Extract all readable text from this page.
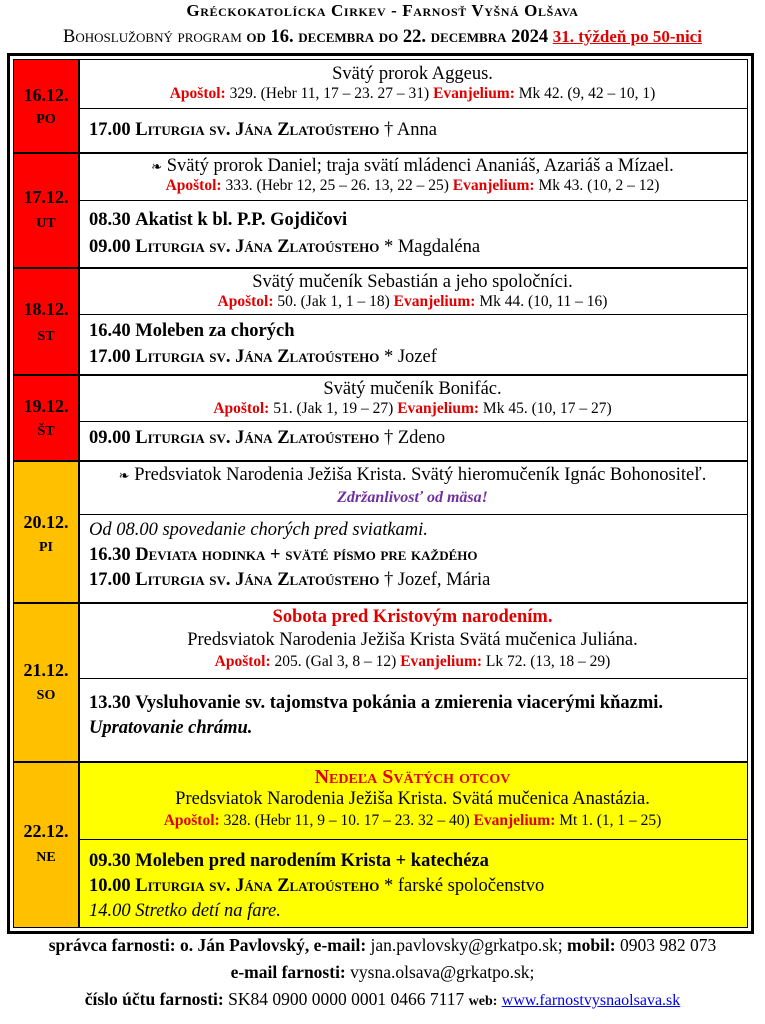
Gréckokatolícka Cirkev - Farnosť Vyšná Olšava
Bohoslužobný program od 16. decembra do 22. decembra 2024 31. týždeň po 50-nici
16.12.
PO
Svätý prorok Aggeus.
Apoštol: 329. (Hebr 11, 17 – 23. 27 – 31) Evanjelium: Mk 42. (9, 42 – 10, 1)
17.00 Liturgia sv. Jána Zlatoústeho † Anna
17.12.
UT
❧ Svätý prorok Daniel; traja svätí mládenci Ananiáš, Azariáš a Mízael.
Apoštol: 333. (Hebr 12, 25 – 26. 13, 22 – 25) Evanjelium: Mk 43. (10, 2 – 12)
08.30 Akatist k bl. P.P. Gojdičovi
09.00 Liturgia sv. Jána Zlatoústeho * Magdaléna
18.12.
ST
Svätý mučeník Sebastián a jeho spoločníci.
Apoštol: 50. (Jak 1, 1 – 18) Evanjelium: Mk 44. (10, 11 – 16)
16.40 Moleben za chorých
17.00 Liturgia sv. Jána Zlatoústeho * Jozef
19.12.
ŠT
Svätý mučeník Bonifác.
Apoštol: 51. (Jak 1, 19 – 27) Evanjelium: Mk 45. (10, 17 – 27)
09.00 Liturgia sv. Jána Zlatoústeho † Zdeno
20.12.
PI
❧ Predsviatok Narodenia Ježiša Krista. Svätý hieromučeník Ignác Bohonositeľ.
Zdržanlivosť od mäsa!
Od 08.00 spovedanie chorých pred sviatkami.
16.30 Deviata hodinka + sväté písmo pre každého
17.00 Liturgia sv. Jána Zlatoústeho † Jozef, Mária
21.12.
SO
Sobota pred Kristovým narodením.
Predsviatok Narodenia Ježiša Krista Svätá mučenica Juliána.
Apoštol: 205. (Gal 3, 8 – 12) Evanjelium: Lk 72. (13, 18 – 29)
13.30 Vysluhovanie sv. tajomstva pokánia a zmierenia viacerými kňazmi.
Upratovanie chrámu.
22.12.
NE
Nedeľa Svätých otcov
Predsviatok Narodenia Ježiša Krista. Svätá mučenica Anastázia.
Apoštol: 328. (Hebr 11, 9 – 10. 17 – 23. 32 – 40) Evanjelium: Mt 1. (1, 1 – 25)
09.30 Moleben pred narodením Krista + katechéza
10.00 Liturgia sv. Jána Zlatoústeho * farské spoločenstvo
14.00 Stretko detí na fare.
správca farnosti: o. Ján Pavlovský, e-mail: jan.pavlovsky@grkatpo.sk; mobil: 0903 982 073
e-mail farnosti: vysna.olsava@grkatpo.sk;
číslo účtu farnosti: SK84 0900 0000 0001 0466 7117 web: www.farnostvysnaolsava.sk
